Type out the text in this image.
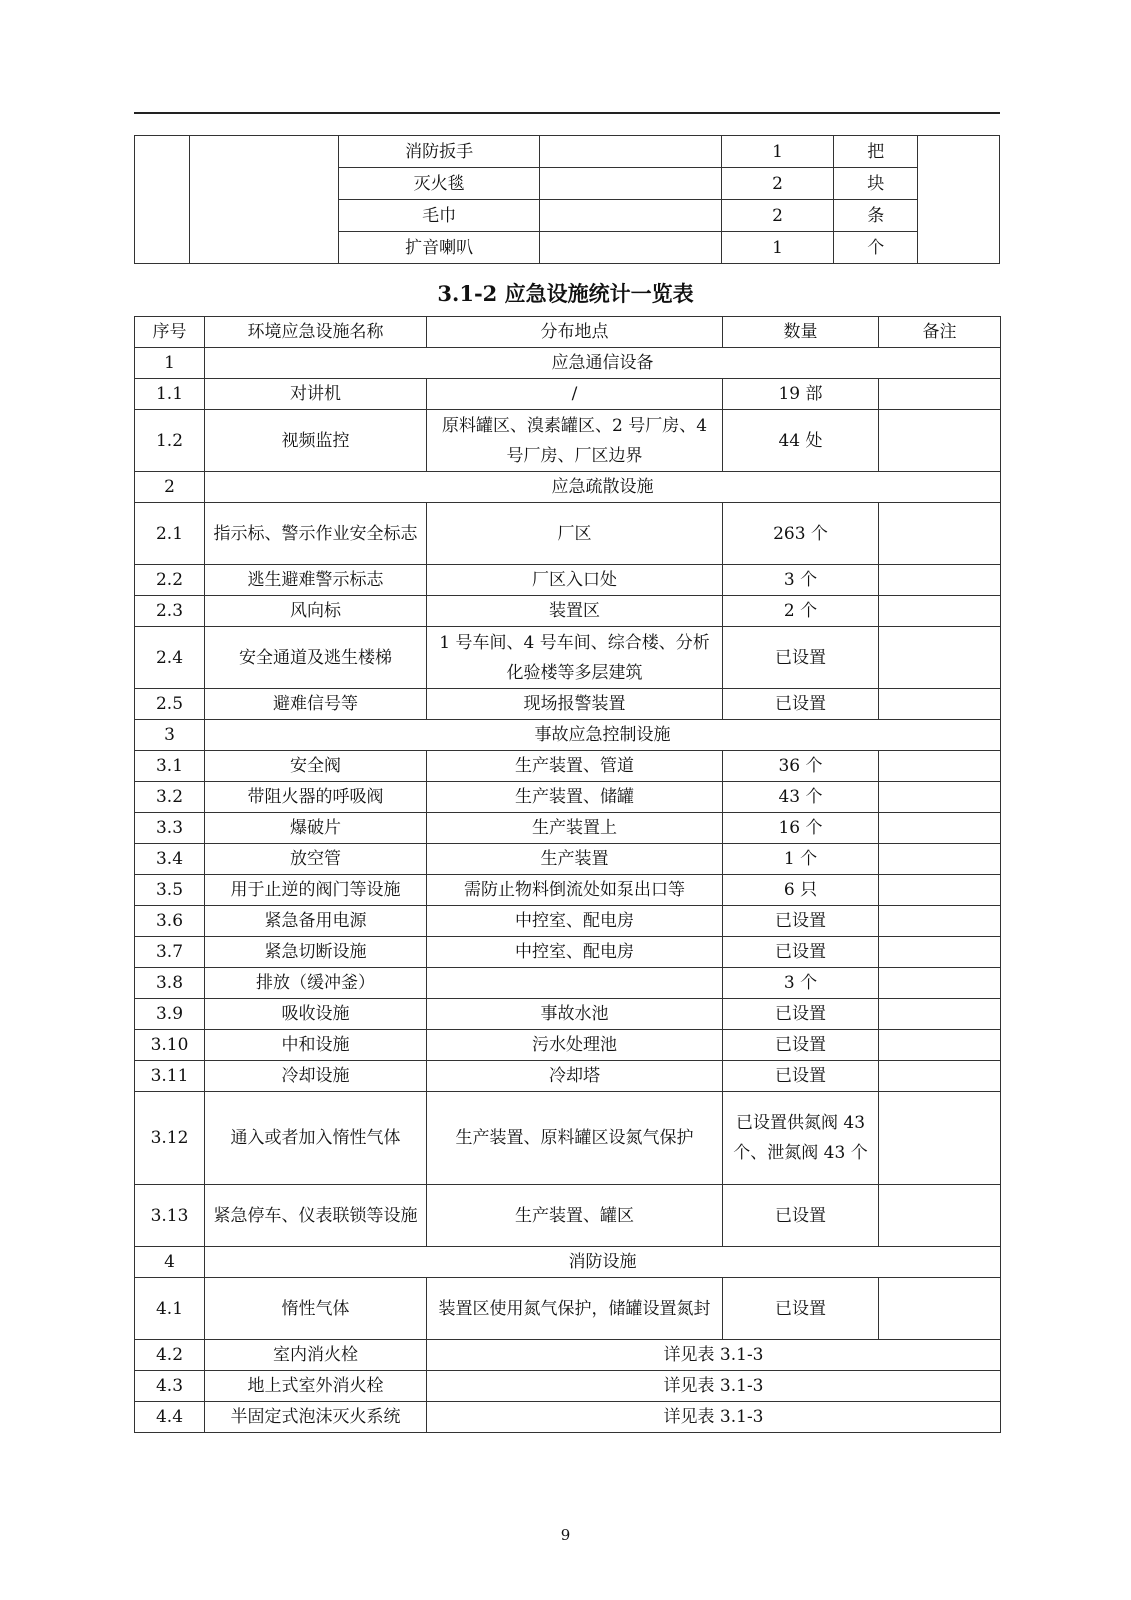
		消防扳手		1	把	
		灭火毯		2	块	
		毛巾		2	条	
		扩音喇叭		1	个	
3.1-2 应急设施统计一览表
序号	环境应急设施名称	分布地点	数量	备注
1	应急通信设备			
1.1	对讲机	/	19 部	
1.2	视频监控	原料罐区、溴素罐区、2 号厂房、4 号厂房、厂区边界	44 处	
2	应急疏散设施			
2.1	指示标、警示作业安全标志	厂区	263 个	
2.2	逃生避难警示标志	厂区入口处	3 个	
2.3	风向标	装置区	2 个	
2.4	安全通道及逃生楼梯	1 号车间、4 号车间、综合楼、分析化验楼等多层建筑	已设置	
2.5	避难信号等	现场报警装置	已设置	
3	事故应急控制设施			
3.1	安全阀	生产装置、管道	36 个	
3.2	带阻火器的呼吸阀	生产装置、储罐	43 个	
3.3	爆破片	生产装置上	16 个	
3.4	放空管	生产装置	1 个	
3.5	用于止逆的阀门等设施	需防止物料倒流处如泵出口等	6 只	
3.6	紧急备用电源	中控室、配电房	已设置	
3.7	紧急切断设施	中控室、配电房	已设置	
3.8	排放（缓冲釜）		3 个	
3.9	吸收设施	事故水池	已设置	
3.10	中和设施	污水处理池	已设置	
3.11	冷却设施	冷却塔	已设置	
3.12	通入或者加入惰性气体	生产装置、原料罐区设氮气保护	已设置供氮阀 43 个、泄氮阀 43 个	
3.13	紧急停车、仪表联锁等设施	生产装置、罐区	已设置	
4	消防设施			
4.1	惰性气体	装置区使用氮气保护，储罐设置氮封	已设置	
4.2	室内消火栓	详见表 3.1-3		
4.3	地上式室外消火栓	详见表 3.1-3		
4.4	半固定式泡沫灭火系统	详见表 3.1-3		
9
